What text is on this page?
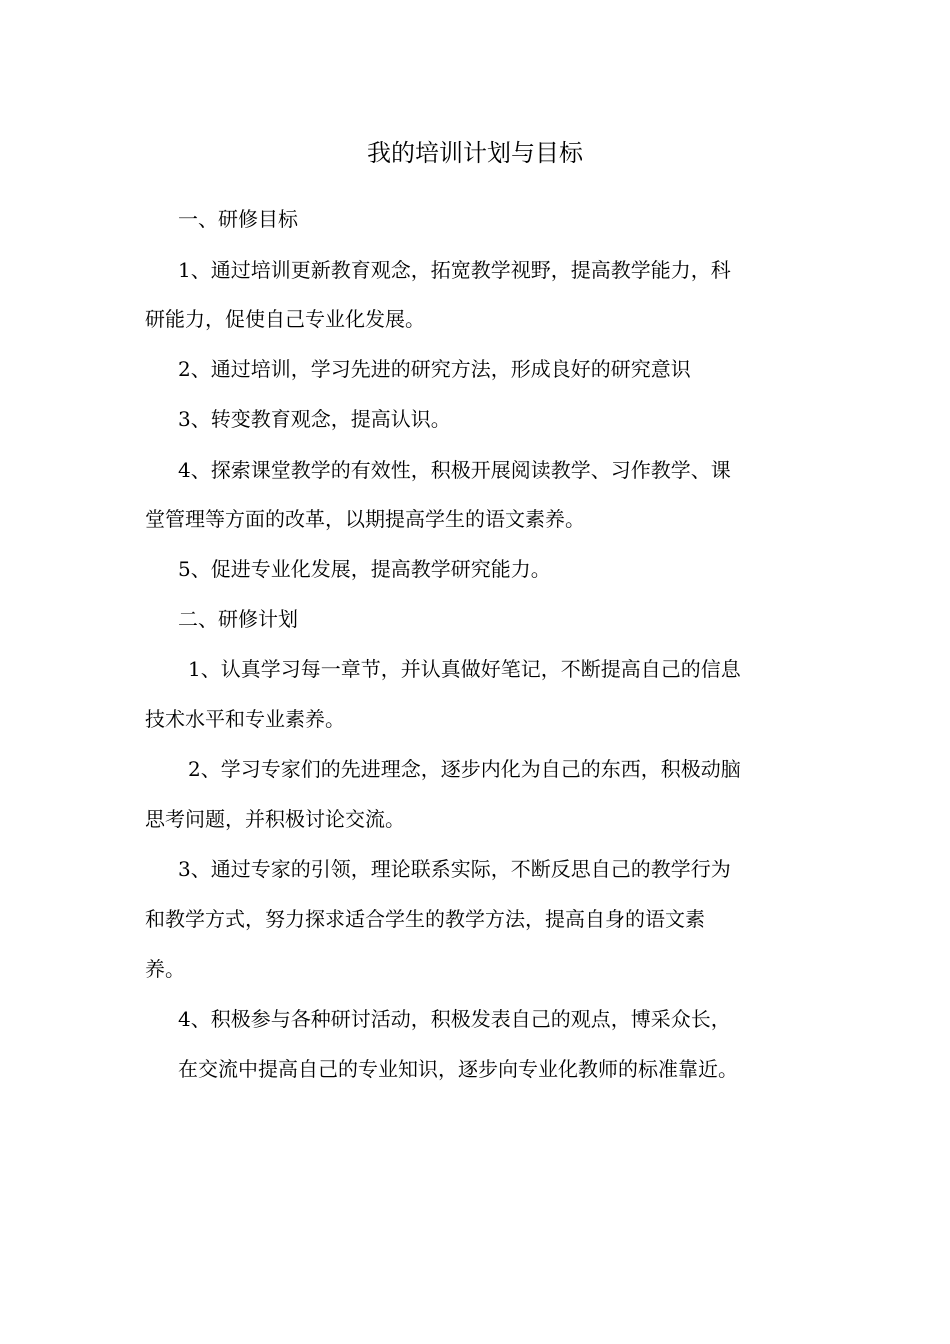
我的培训计划与目标
一、研修目标
1、通过培训更新教育观念，拓宽教学视野，提高教学能力，科
研能力，促使自己专业化发展。
2、通过培训，学习先进的研究方法，形成良好的研究意识
3、转变教育观念，提高认识。
4、探索课堂教学的有效性，积极开展阅读教学、习作教学、课
堂管理等方面的改革，以期提高学生的语文素养。
5、促进专业化发展，提高教学研究能力。
二、研修计划
1、认真学习每一章节，并认真做好笔记，不断提高自己的信息
技术水平和专业素养。
2、学习专家们的先进理念，逐步内化为自己的东西，积极动脑
思考问题，并积极讨论交流。
3、通过专家的引领，理论联系实际，不断反思自己的教学行为
和教学方式，努力探求适合学生的教学方法，提高自身的语文素
养。
4、积极参与各种研讨活动，积极发表自己的观点，博采众长，
在交流中提高自己的专业知识，逐步向专业化教师的标准靠近。
